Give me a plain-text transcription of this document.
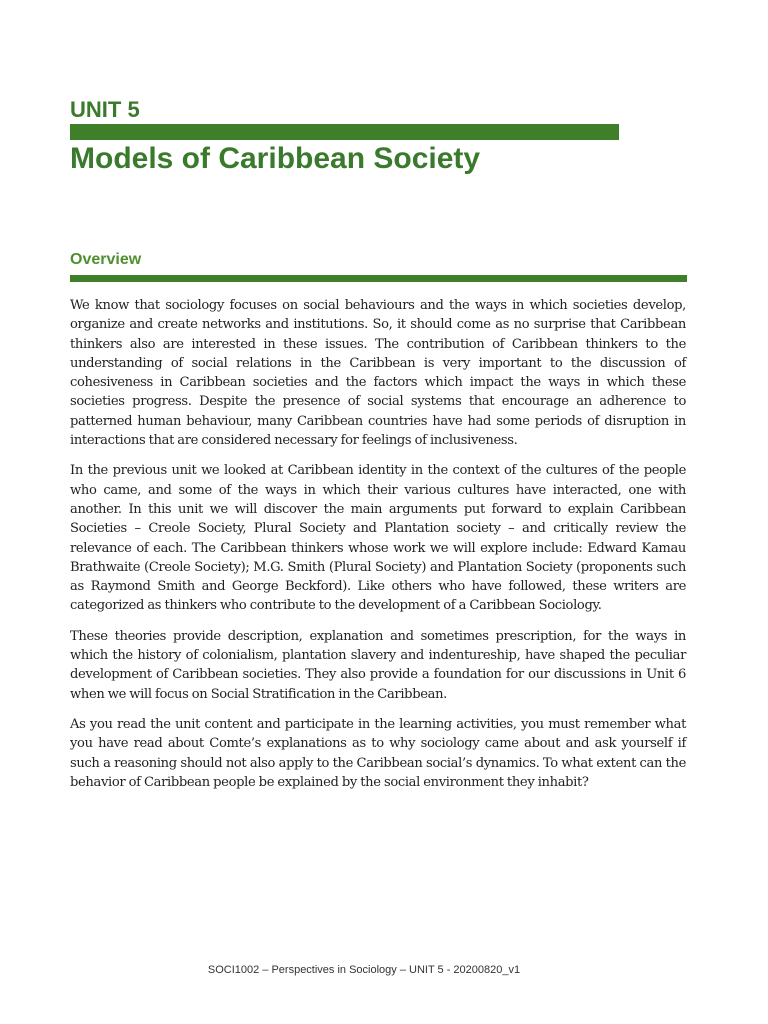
UNIT 5
Models of Caribbean Society
Overview

We know that sociology focuses on social behaviours and the ways in which societies develop, organize and create networks and institutions. So, it should come as no surprise that Caribbean thinkers also are interested in these issues. The contribution of Caribbean thinkers to the understanding of social relations in the Caribbean is very important to the discussion of cohesiveness in Caribbean societies and the factors which impact the ways in which these societies progress. Despite the presence of social systems that encourage an adherence to patterned human behaviour, many Caribbean countries have had some periods of disruption in interactions that are considered necessary for feelings of inclusiveness.

In the previous unit we looked at Caribbean identity in the context of the cultures of the people who came, and some of the ways in which their various cultures have interacted, one with another. In this unit we will discover the main arguments put forward to explain Caribbean Societies – Creole Society, Plural Society and Plantation society – and critically review the relevance of each. The Caribbean thinkers whose work we will explore include: Edward Kamau Brathwaite (Creole Society); M.G. Smith (Plural Society) and Plantation Society (proponents such as Raymond Smith and George Beckford). Like others who have followed, these writers are categorized as thinkers who contribute to the development of a Caribbean Sociology.

These theories provide description, explanation and sometimes prescription, for the ways in which the history of colonialism, plantation slavery and indentureship, have shaped the peculiar development of Caribbean societies. They also provide a foundation for our discussions in Unit 6 when we will focus on Social Stratification in the Caribbean.

As you read the unit content and participate in the learning activities, you must remember what you have read about Comte’s explanations as to why sociology came about and ask yourself if such a reasoning should not also apply to the Caribbean social’s dynamics. To what extent can the behavior of Caribbean people be explained by the social environment they inhabit?

SOCI1002 – Perspectives in Sociology – UNIT 5 - 20200820_v1
